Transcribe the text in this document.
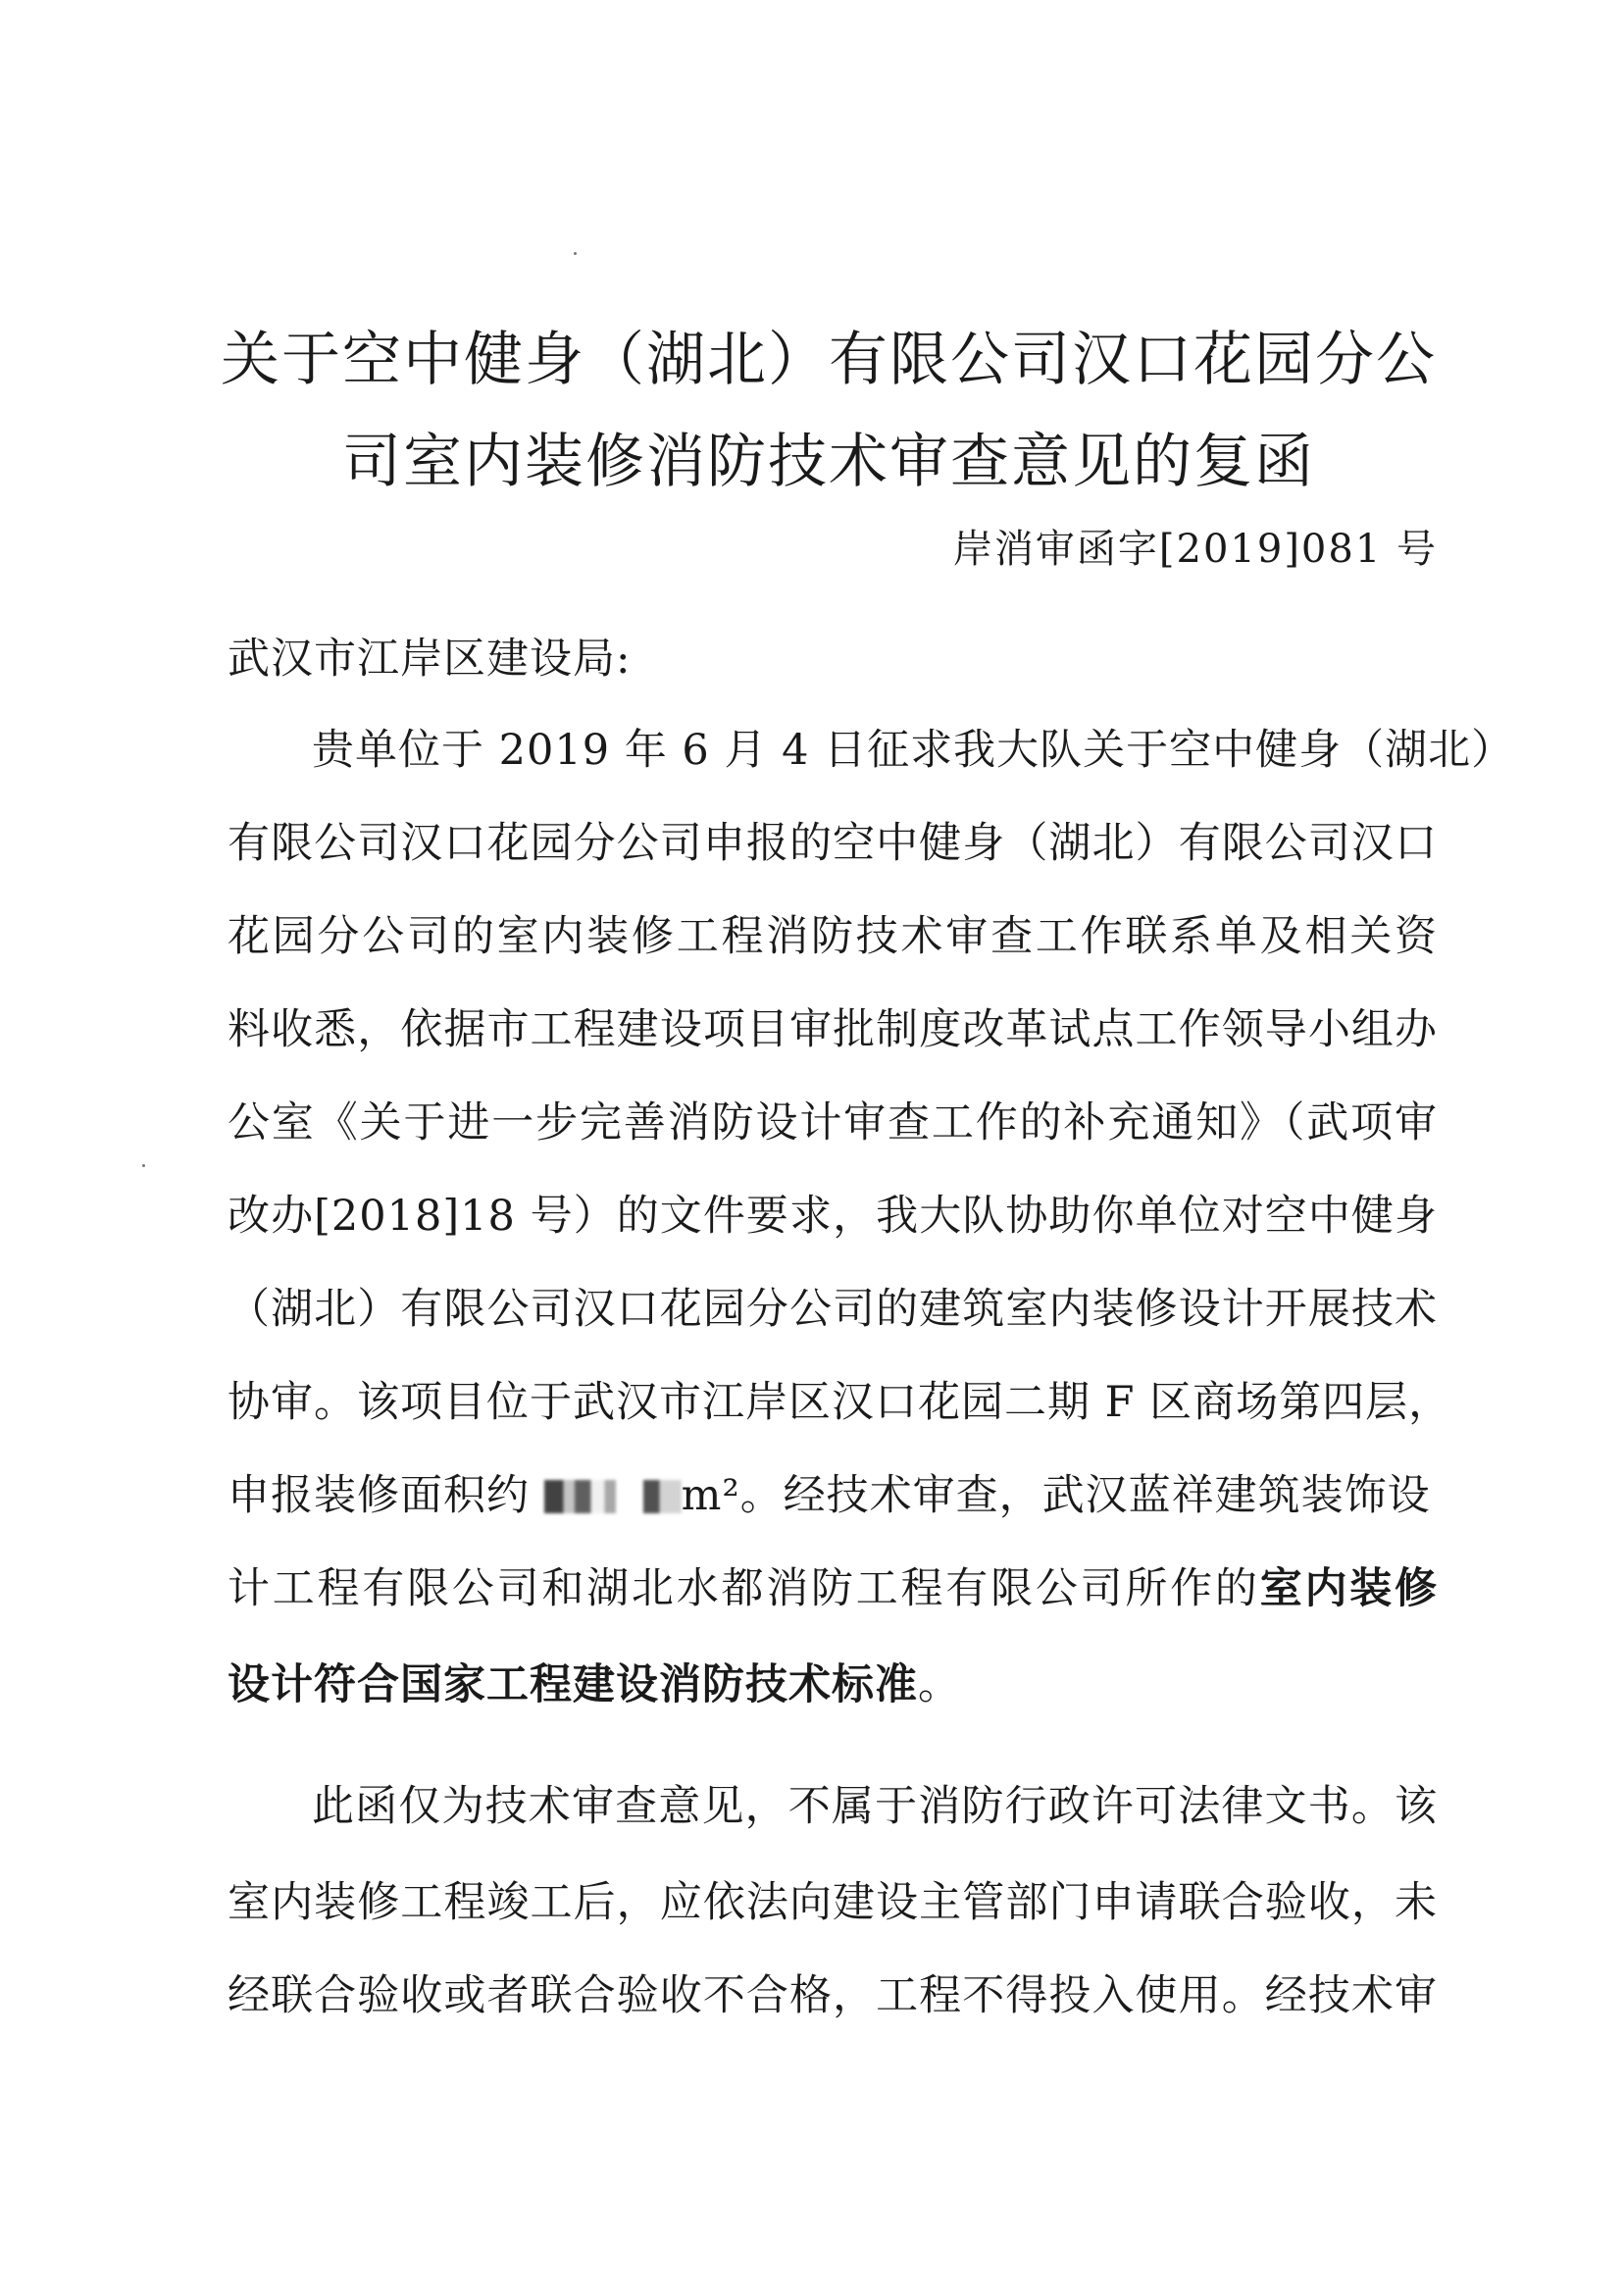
关于空中健身（湖北）有限公司汉口花园分公
司室内装修消防技术审查意见的复函
岸消审函字[2019]081 号
武汉市江岸区建设局:
贵单位于 2019 年 6 月 4 日征求我大队关于空中健身（湖北）
有限公司汉口花园分公司申报的空中健身（湖北）有限公司汉口
花园分公司的室内装修工程消防技术审查工作联系单及相关资
料收悉，依据市工程建设项目审批制度改革试点工作领导小组办
公室《关于进一步完善消防设计审查工作的补充通知》（武项审
改办[2018]18 号）的文件要求，我大队协助你单位对空中健身
（湖北）有限公司汉口花园分公司的建筑室内装修设计开展技术
协审。该项目位于武汉市江岸区汉口花园二期 F 区商场第四层，
申报装修面积约	m²。经技术审查，武汉蓝祥建筑装饰设
计工程有限公司和湖北水都消防工程有限公司所作的室内装修
设计符合国家工程建设消防技术标准。
此函仅为技术审查意见，不属于消防行政许可法律文书。该
室内装修工程竣工后，应依法向建设主管部门申请联合验收，未
经联合验收或者联合验收不合格，工程不得投入使用。经技术审
